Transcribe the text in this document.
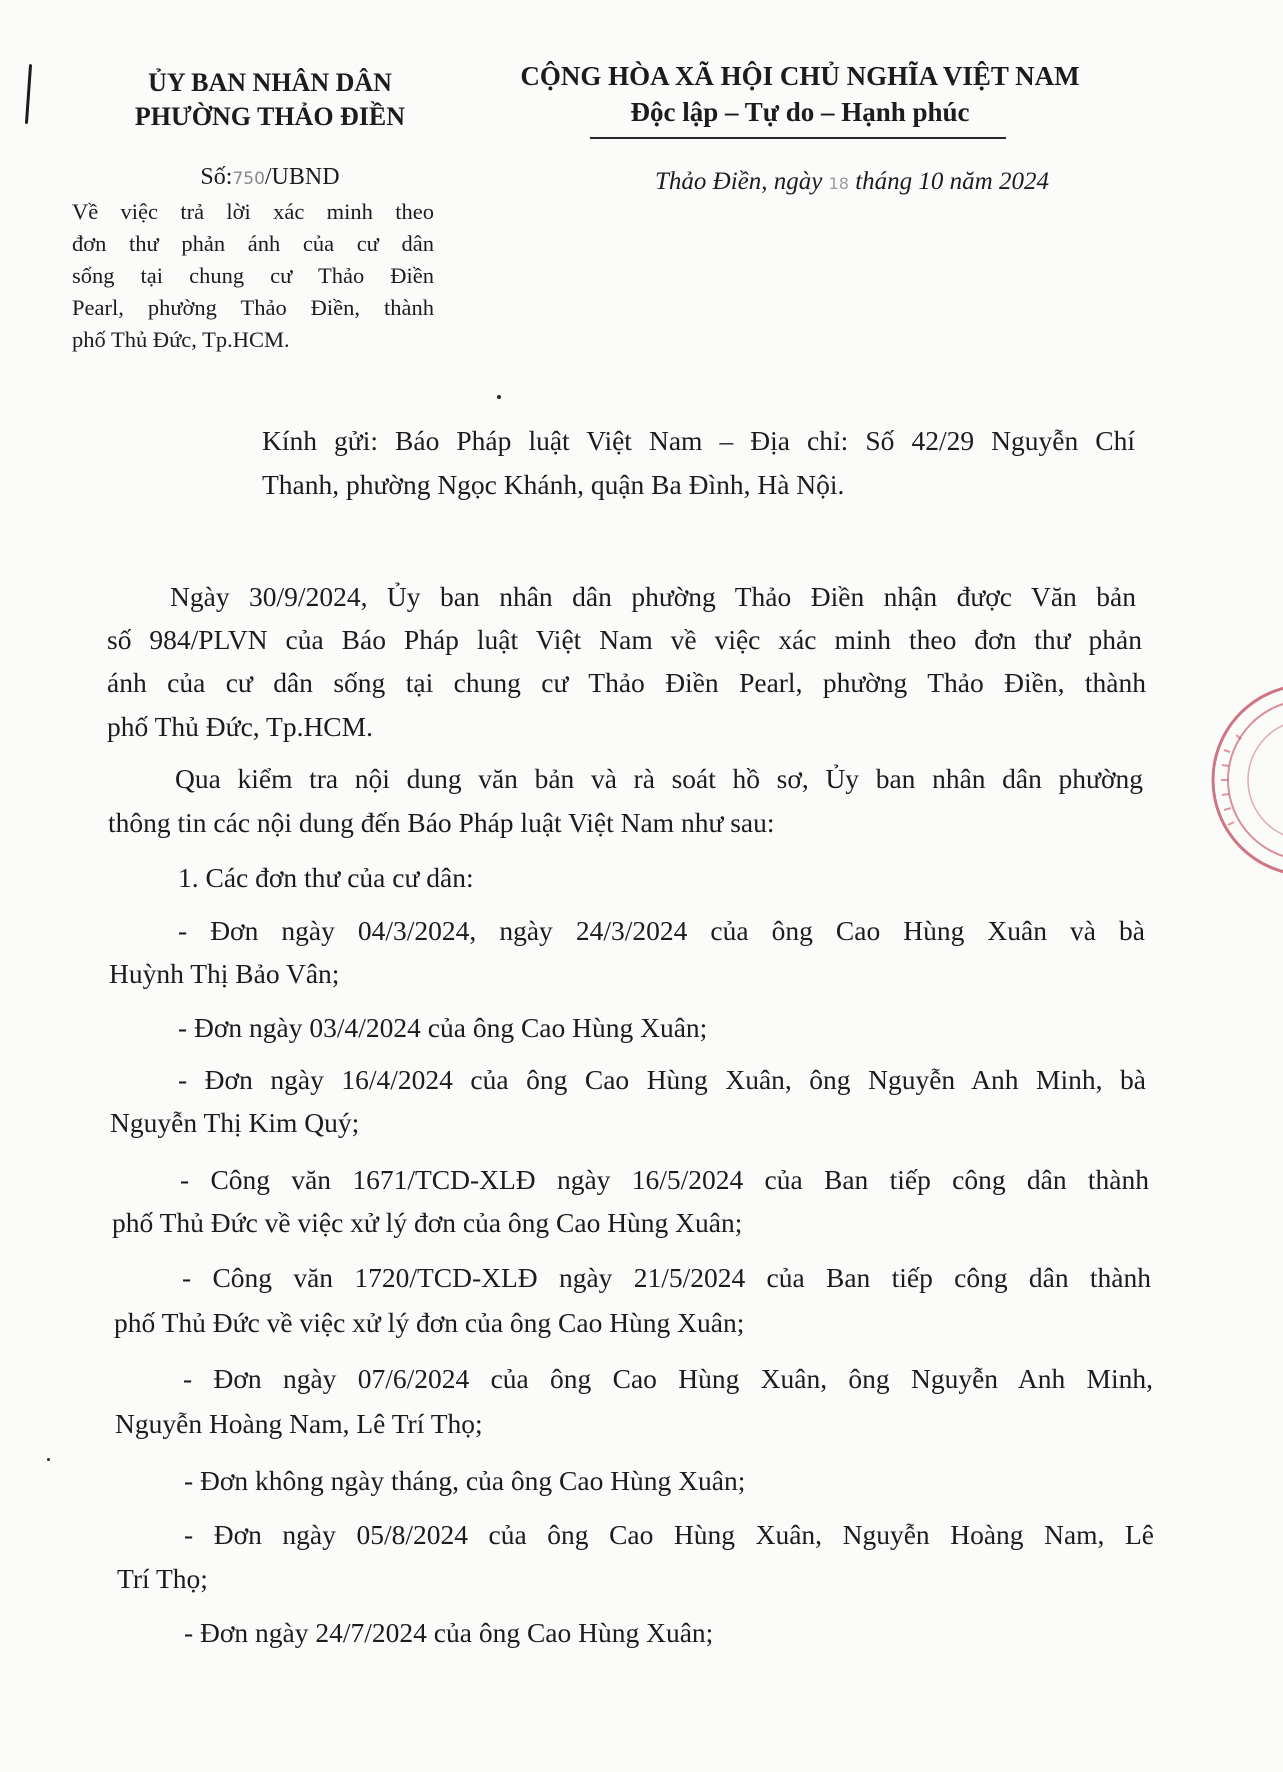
ỦY BAN NHÂN DÂN
PHƯỜNG THẢO ĐIỀN
CỘNG HÒA XÃ HỘI CHỦ NGHĨA VIỆT NAM
Độc lập – Tự do – Hạnh phúc
Số:750/UBND
Về việc trả lời xác minh theo
đơn thư phản ánh của cư dân
sống tại chung cư Thảo Điền
Pearl, phường Thảo Điền, thành
phố Thủ Đức, Tp.HCM.
Thảo Điền, ngày 18 tháng 10 năm 2024
Kính gửi: Báo Pháp luật Việt Nam – Địa chỉ: Số 42/29 Nguyễn Chí
Thanh, phường Ngọc Khánh, quận Ba Đình, Hà Nội.
Ngày 30/9/2024, Ủy ban nhân dân phường Thảo Điền nhận được Văn bản
số 984/PLVN của Báo Pháp luật Việt Nam về việc xác minh theo đơn thư phản
ánh của cư dân sống tại chung cư Thảo Điền Pearl, phường Thảo Điền, thành
phố Thủ Đức, Tp.HCM.
Qua kiểm tra nội dung văn bản và rà soát hồ sơ, Ủy ban nhân dân phường
thông tin các nội dung đến Báo Pháp luật Việt Nam như sau:
1. Các đơn thư của cư dân:
- Đơn ngày 04/3/2024, ngày 24/3/2024 của ông Cao Hùng Xuân và bà
Huỳnh Thị Bảo Vân;
- Đơn ngày 03/4/2024 của ông Cao Hùng Xuân;
- Đơn ngày 16/4/2024 của ông Cao Hùng Xuân, ông Nguyễn Anh Minh, bà
Nguyễn Thị Kim Quý;
- Công văn 1671/TCD-XLĐ ngày 16/5/2024 của Ban tiếp công dân thành
phố Thủ Đức về việc xử lý đơn của ông Cao Hùng Xuân;
- Công văn 1720/TCD-XLĐ ngày 21/5/2024 của Ban tiếp công dân thành
phố Thủ Đức về việc xử lý đơn của ông Cao Hùng Xuân;
- Đơn ngày 07/6/2024 của ông Cao Hùng Xuân, ông Nguyễn Anh Minh,
Nguyễn Hoàng Nam, Lê Trí Thọ;
- Đơn không ngày tháng, của ông Cao Hùng Xuân;
- Đơn ngày 05/8/2024 của ông Cao Hùng Xuân, Nguyễn Hoàng Nam, Lê
Trí Thọ;
- Đơn ngày 24/7/2024 của ông Cao Hùng Xuân;
